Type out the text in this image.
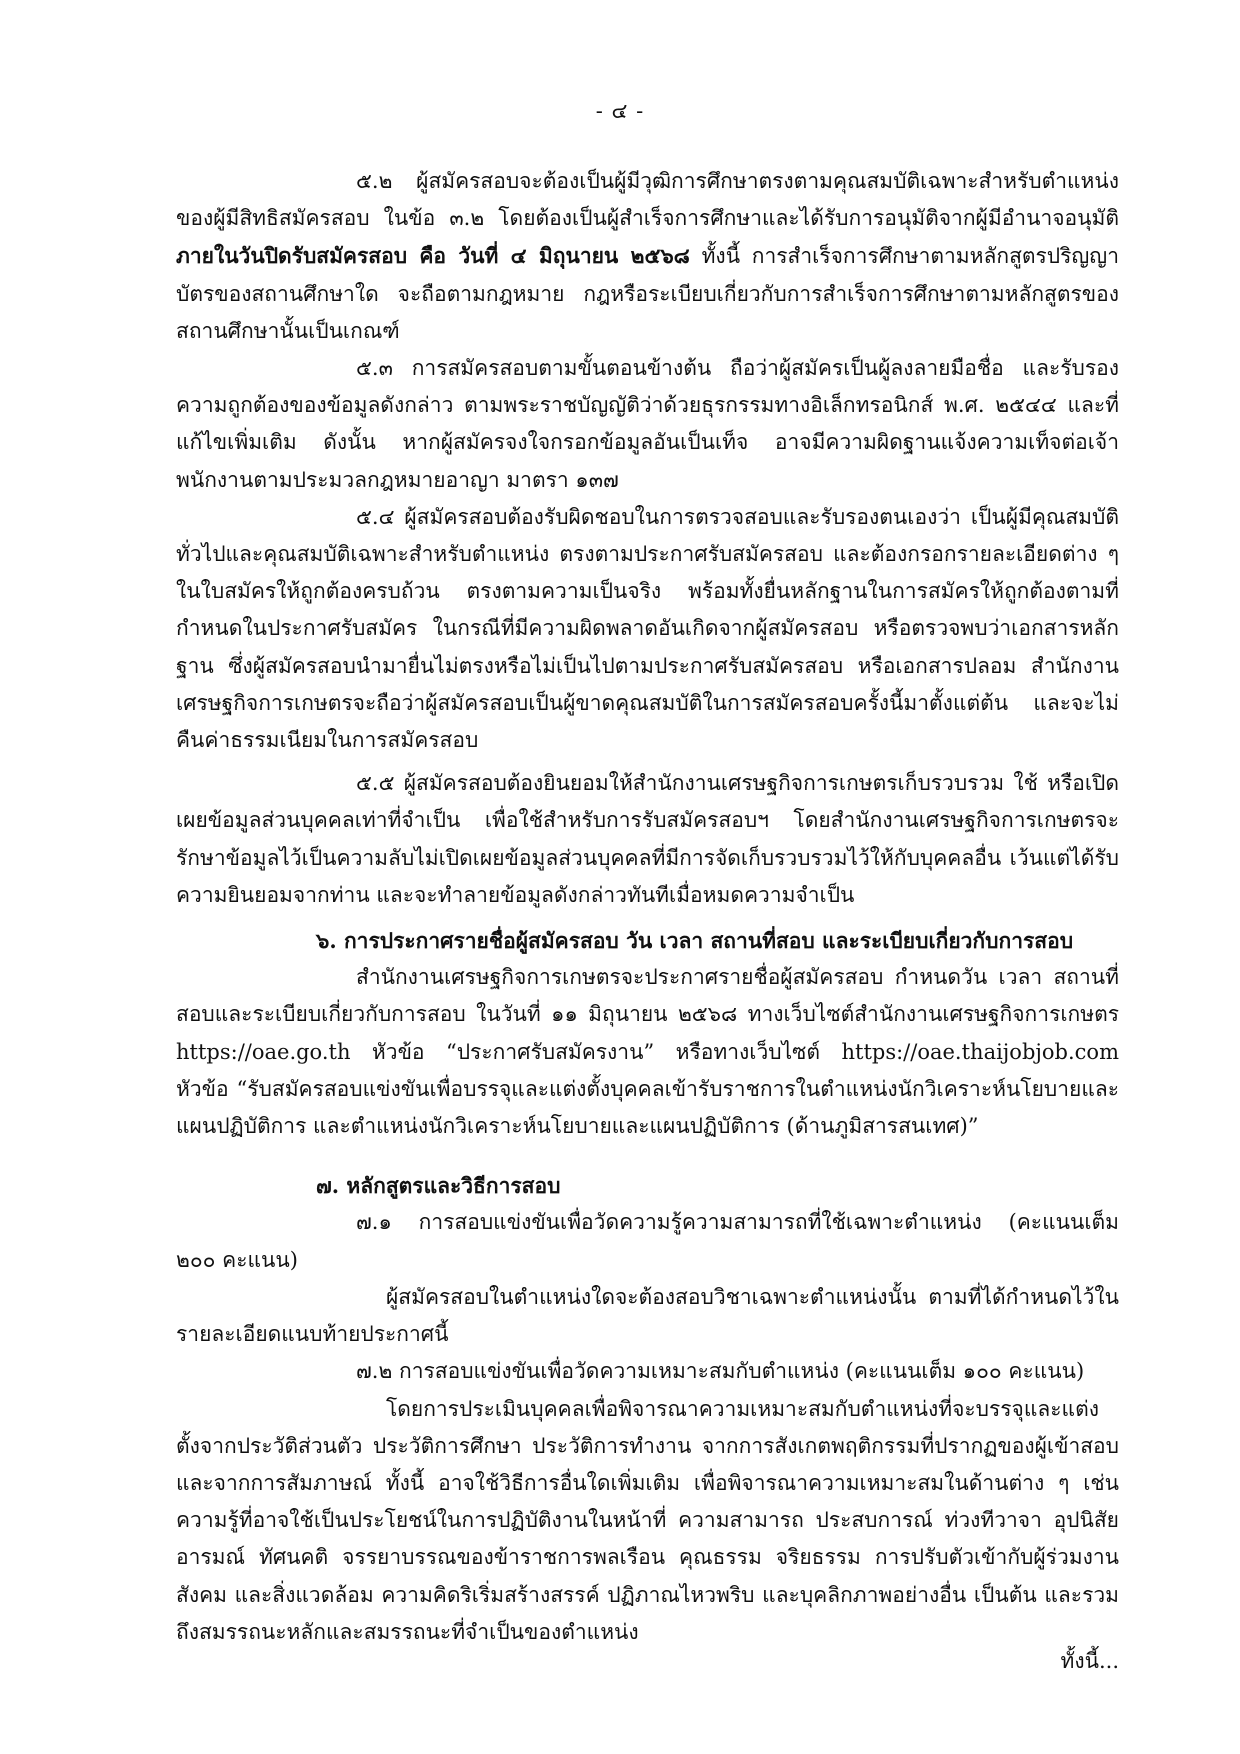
- ๔ -

๕.๒ ผู้สมัครสอบจะต้องเป็นผู้มีวุฒิการศึกษาตรงตามคุณสมบัติเฉพาะสำหรับตำแหน่งของผู้มีสิทธิสมัครสอบ ในข้อ ๓.๒ โดยต้องเป็นผู้สำเร็จการศึกษาและได้รับการอนุมัติจากผู้มีอำนาจอนุมัติ ภายในวันปิดรับสมัครสอบ คือ วันที่ ๔ มิถุนายน ๒๕๖๘ ทั้งนี้ การสำเร็จการศึกษาตามหลักสูตรปริญญาบัตรของสถานศึกษาใด จะถือตามกฎหมาย กฎหรือระเบียบเกี่ยวกับการสำเร็จการศึกษาตามหลักสูตรของสถานศึกษานั้นเป็นเกณฑ์

๕.๓ การสมัครสอบตามขั้นตอนข้างต้น ถือว่าผู้สมัครเป็นผู้ลงลายมือชื่อ และรับรองความถูกต้องของข้อมูลดังกล่าว ตามพระราชบัญญัติว่าด้วยธุรกรรมทางอิเล็กทรอนิกส์ พ.ศ. ๒๕๔๔ และที่แก้ไขเพิ่มเติม ดังนั้น หากผู้สมัครจงใจกรอกข้อมูลอันเป็นเท็จ อาจมีความผิดฐานแจ้งความเท็จต่อเจ้าพนักงานตามประมวลกฎหมายอาญา มาตรา ๑๓๗

๕.๔ ผู้สมัครสอบต้องรับผิดชอบในการตรวจสอบและรับรองตนเองว่า เป็นผู้มีคุณสมบัติทั่วไปและคุณสมบัติเฉพาะสำหรับตำแหน่ง ตรงตามประกาศรับสมัครสอบ และต้องกรอกรายละเอียดต่าง ๆ ในใบสมัครให้ถูกต้องครบถ้วน ตรงตามความเป็นจริง พร้อมทั้งยื่นหลักฐานในการสมัครให้ถูกต้องตามที่กำหนดในประกาศรับสมัคร ในกรณีที่มีความผิดพลาดอันเกิดจากผู้สมัครสอบ หรือตรวจพบว่าเอกสารหลักฐาน ซึ่งผู้สมัครสอบนำมายื่นไม่ตรงหรือไม่เป็นไปตามประกาศรับสมัครสอบ หรือเอกสารปลอม สำนักงานเศรษฐกิจการเกษตรจะถือว่าผู้สมัครสอบเป็นผู้ขาดคุณสมบัติในการสมัครสอบครั้งนี้มาตั้งแต่ต้น และจะไม่คืนค่าธรรมเนียมในการสมัครสอบ

๕.๕ ผู้สมัครสอบต้องยินยอมให้สำนักงานเศรษฐกิจการเกษตรเก็บรวบรวม ใช้ หรือเปิดเผยข้อมูลส่วนบุคคลเท่าที่จำเป็น เพื่อใช้สำหรับการรับสมัครสอบฯ โดยสำนักงานเศรษฐกิจการเกษตรจะรักษาข้อมูลไว้เป็นความลับไม่เปิดเผยข้อมูลส่วนบุคคลที่มีการจัดเก็บรวบรวมไว้ให้กับบุคคลอื่น เว้นแต่ได้รับความยินยอมจากท่าน และจะทำลายข้อมูลดังกล่าวทันทีเมื่อหมดความจำเป็น

๖. การประกาศรายชื่อผู้สมัครสอบ วัน เวลา สถานที่สอบ และระเบียบเกี่ยวกับการสอบ

สำนักงานเศรษฐกิจการเกษตรจะประกาศรายชื่อผู้สมัครสอบ กำหนดวัน เวลา สถานที่สอบและระเบียบเกี่ยวกับการสอบ ในวันที่ ๑๑ มิถุนายน ๒๕๖๘ ทางเว็บไซต์สำนักงานเศรษฐกิจการเกษตร https://oae.go.th หัวข้อ “ประกาศรับสมัครงาน” หรือทางเว็บไซต์ https://oae.thaijobjob.com หัวข้อ “รับสมัครสอบแข่งขันเพื่อบรรจุและแต่งตั้งบุคคลเข้ารับราชการในตำแหน่งนักวิเคราะห์นโยบายและแผนปฏิบัติการ และตำแหน่งนักวิเคราะห์นโยบายและแผนปฏิบัติการ (ด้านภูมิสารสนเทศ)”

๗. หลักสูตรและวิธีการสอบ

๗.๑ การสอบแข่งขันเพื่อวัดความรู้ความสามารถที่ใช้เฉพาะตำแหน่ง (คะแนนเต็ม ๒๐๐ คะแนน)

ผู้สมัครสอบในตำแหน่งใดจะต้องสอบวิชาเฉพาะตำแหน่งนั้น ตามที่ได้กำหนดไว้ในรายละเอียดแนบท้ายประกาศนี้

๗.๒ การสอบแข่งขันเพื่อวัดความเหมาะสมกับตำแหน่ง (คะแนนเต็ม ๑๐๐ คะแนน)

โดยการประเมินบุคคลเพื่อพิจารณาความเหมาะสมกับตำแหน่งที่จะบรรจุและแต่งตั้งจากประวัติส่วนตัว ประวัติการศึกษา ประวัติการทำงาน จากการสังเกตพฤติกรรมที่ปรากฏของผู้เข้าสอบและจากการสัมภาษณ์ ทั้งนี้ อาจใช้วิธีการอื่นใดเพิ่มเติม เพื่อพิจารณาความเหมาะสมในด้านต่าง ๆ เช่น ความรู้ที่อาจใช้เป็นประโยชน์ในการปฏิบัติงานในหน้าที่ ความสามารถ ประสบการณ์ ท่วงทีวาจา อุปนิสัย อารมณ์ ทัศนคติ จรรยาบรรณของข้าราชการพลเรือน คุณธรรม จริยธรรม การปรับตัวเข้ากับผู้ร่วมงาน สังคม และสิ่งแวดล้อม ความคิดริเริ่มสร้างสรรค์ ปฏิภาณไหวพริบ และบุคลิกภาพอย่างอื่น เป็นต้น และรวมถึงสมรรถนะหลักและสมรรถนะที่จำเป็นของตำแหน่ง

ทั้งนี้...
